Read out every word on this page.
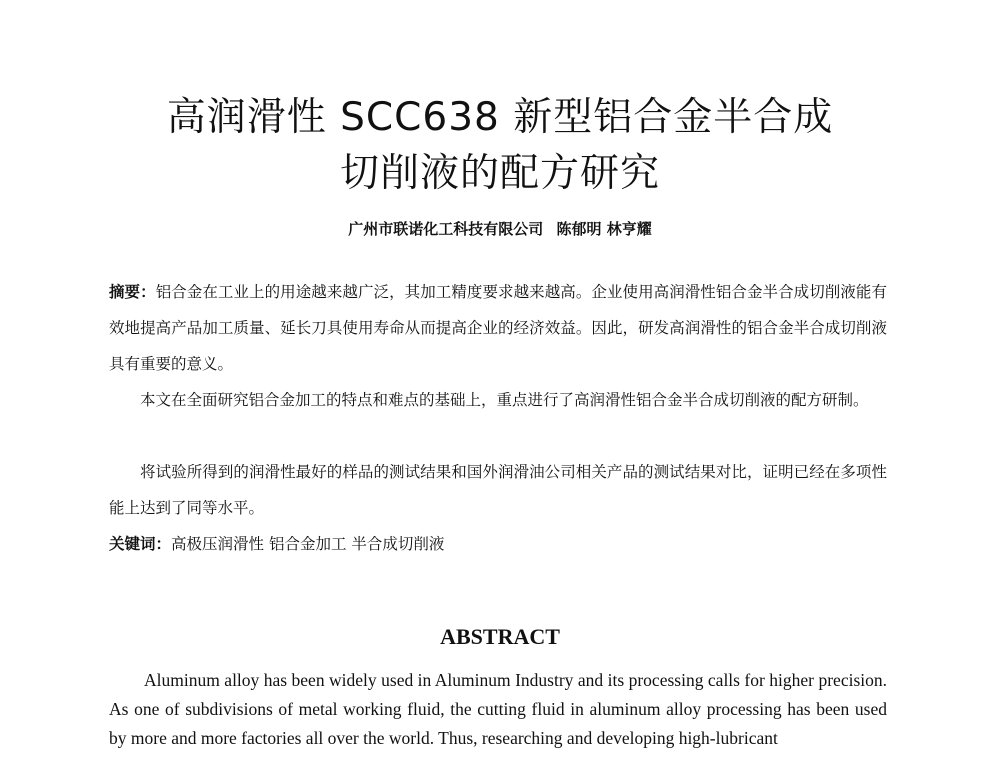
高润滑性 SCC638 新型铝合金半合成
切削液的配方研究
广州市联诺化工科技有限公司 陈郁明 林亨耀

摘要：铝合金在工业上的用途越来越广泛，其加工精度要求越来越高。企业使用高润滑性铝合金半合成切削液能有效地提高产品加工质量、延长刀具使用寿命从而提高企业的经济效益。因此，研发高润滑性的铝合金半合成切削液具有重要的意义。

本文在全面研究铝合金加工的特点和难点的基础上，重点进行了高润滑性铝合金半合成切削液的配方研制。

将试验所得到的润滑性最好的样品的测试结果和国外润滑油公司相关产品的测试结果对比，证明已经在多项性能上达到了同等水平。

关键词：高极压润滑性 铝合金加工 半合成切削液
ABSTRACT

Aluminum alloy has been widely used in Aluminum Industry and its processing calls for higher precision. As one of subdivisions of metal working fluid, the cutting fluid in aluminum alloy processing has been used by more and more factories all over the world. Thus, researching and developing high-lubricant
